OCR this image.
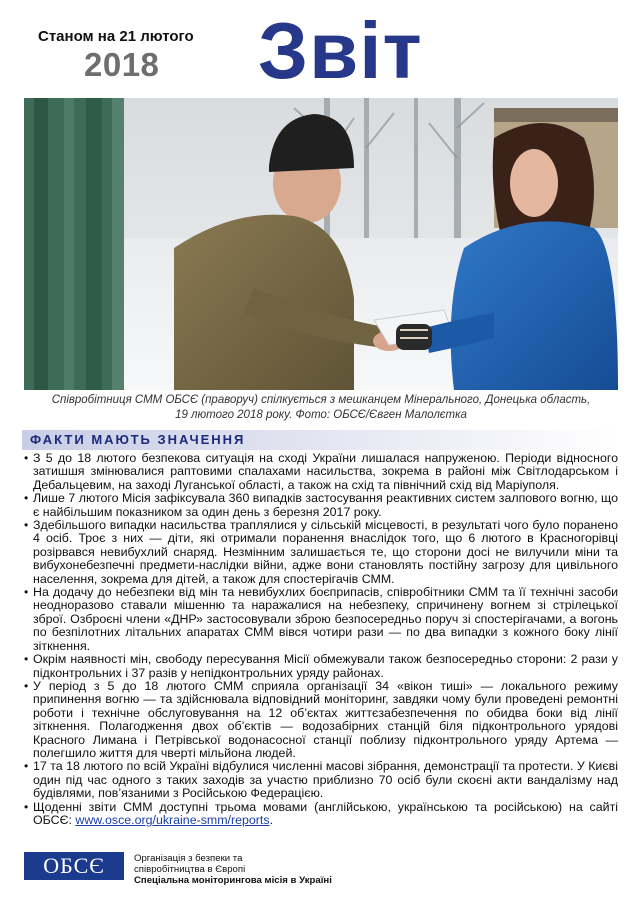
Станом на 21 лютого
2018 Звіт
Співробітниця СММ ОБСЄ (праворуч) спілкується з мешканцем Мінерального, Донецька область,
19 лютого 2018 року. Фото: ОБСЄ/Євген Малолєтка
ФАКТИ МАЮТЬ ЗНАЧЕННЯ
• З 5 до 18 лютого безпекова ситуація на сході України лишалася напруженою. Періоди відносного затишшя змінювалися раптовими спалахами насильства, зокрема в районі між Світлодарськом і Дебальцевим, на заході Луганської області, а також на схід та північний схід від Маріуполя.
• Лише 7 лютого Місія зафіксувала 360 випадків застосування реактивних систем залпового вогню, що є найбільшим показником за один день з березня 2017 року.
• Здебільшого випадки насильства траплялися у сільській місцевості, в результаті чого було поранено 4 осіб. Троє з них — діти, які отримали поранення внаслідок того, що 6 лютого в Красногорівці розірвався невибухлий снаряд. Незмінним залишається те, що сторони досі не вилучили міни та вибухонебезпечні предмети-наслідки війни, адже вони становлять постійну загрозу для цивільного населення, зокрема для дітей, а також для спостерігачів СММ.
• На додачу до небезпеки від мін та невибухлих боєприпасів, співробітники СММ та її технічні засоби неодноразово ставали мішенню та наражалися на небезпеку, спричинену вогнем зі стрілецької зброї. Озброєні члени «ДНР» застосовували зброю безпосередньо поруч зі спостерігачами, а вогонь по безпілотних літальних апаратах СММ вівся чотири рази — по два випадки з кожного боку лінії зіткнення.
• Окрім наявності мін, свободу пересування Місії обмежували також безпосередньо сторони: 2 рази у підконтрольних і 37 разів у непідконтрольних уряду районах.
• У період з 5 до 18 лютого СММ сприяла організації 34 «вікон тиші» — локального режиму припинення вогню — та здійснювала відповідний моніторинг, завдяки чому були проведені ремонтні роботи і технічне обслуговування на 12 об’єктах життєзабезпечення по обидва боки від лінії зіткнення. Полагодження двох об’єктів — водозабірних станцій біля підконтрольного урядові Красного Лимана і Петрівської водонасосної станції поблизу підконтрольного уряду Артема — полегшило життя для чверті мільйона людей.
• 17 та 18 лютого по всій Україні відбулися численні масові зібрання, демонстрації та протести. У Києві один під час одного з таких заходів за участю приблизно 70 осіб були скоєні акти вандалізму над будівлями, пов’язаними з Російською Федерацією.
• Щоденні звіти СММ доступні трьома мовами (англійською, українською та російською) на сайті ОБСЄ: www.osce.org/ukraine-smm/reports.
ОБСЄ	Організація з безпеки та
співробітництва в Європі
Спеціальна моніторингова місія в Україні
